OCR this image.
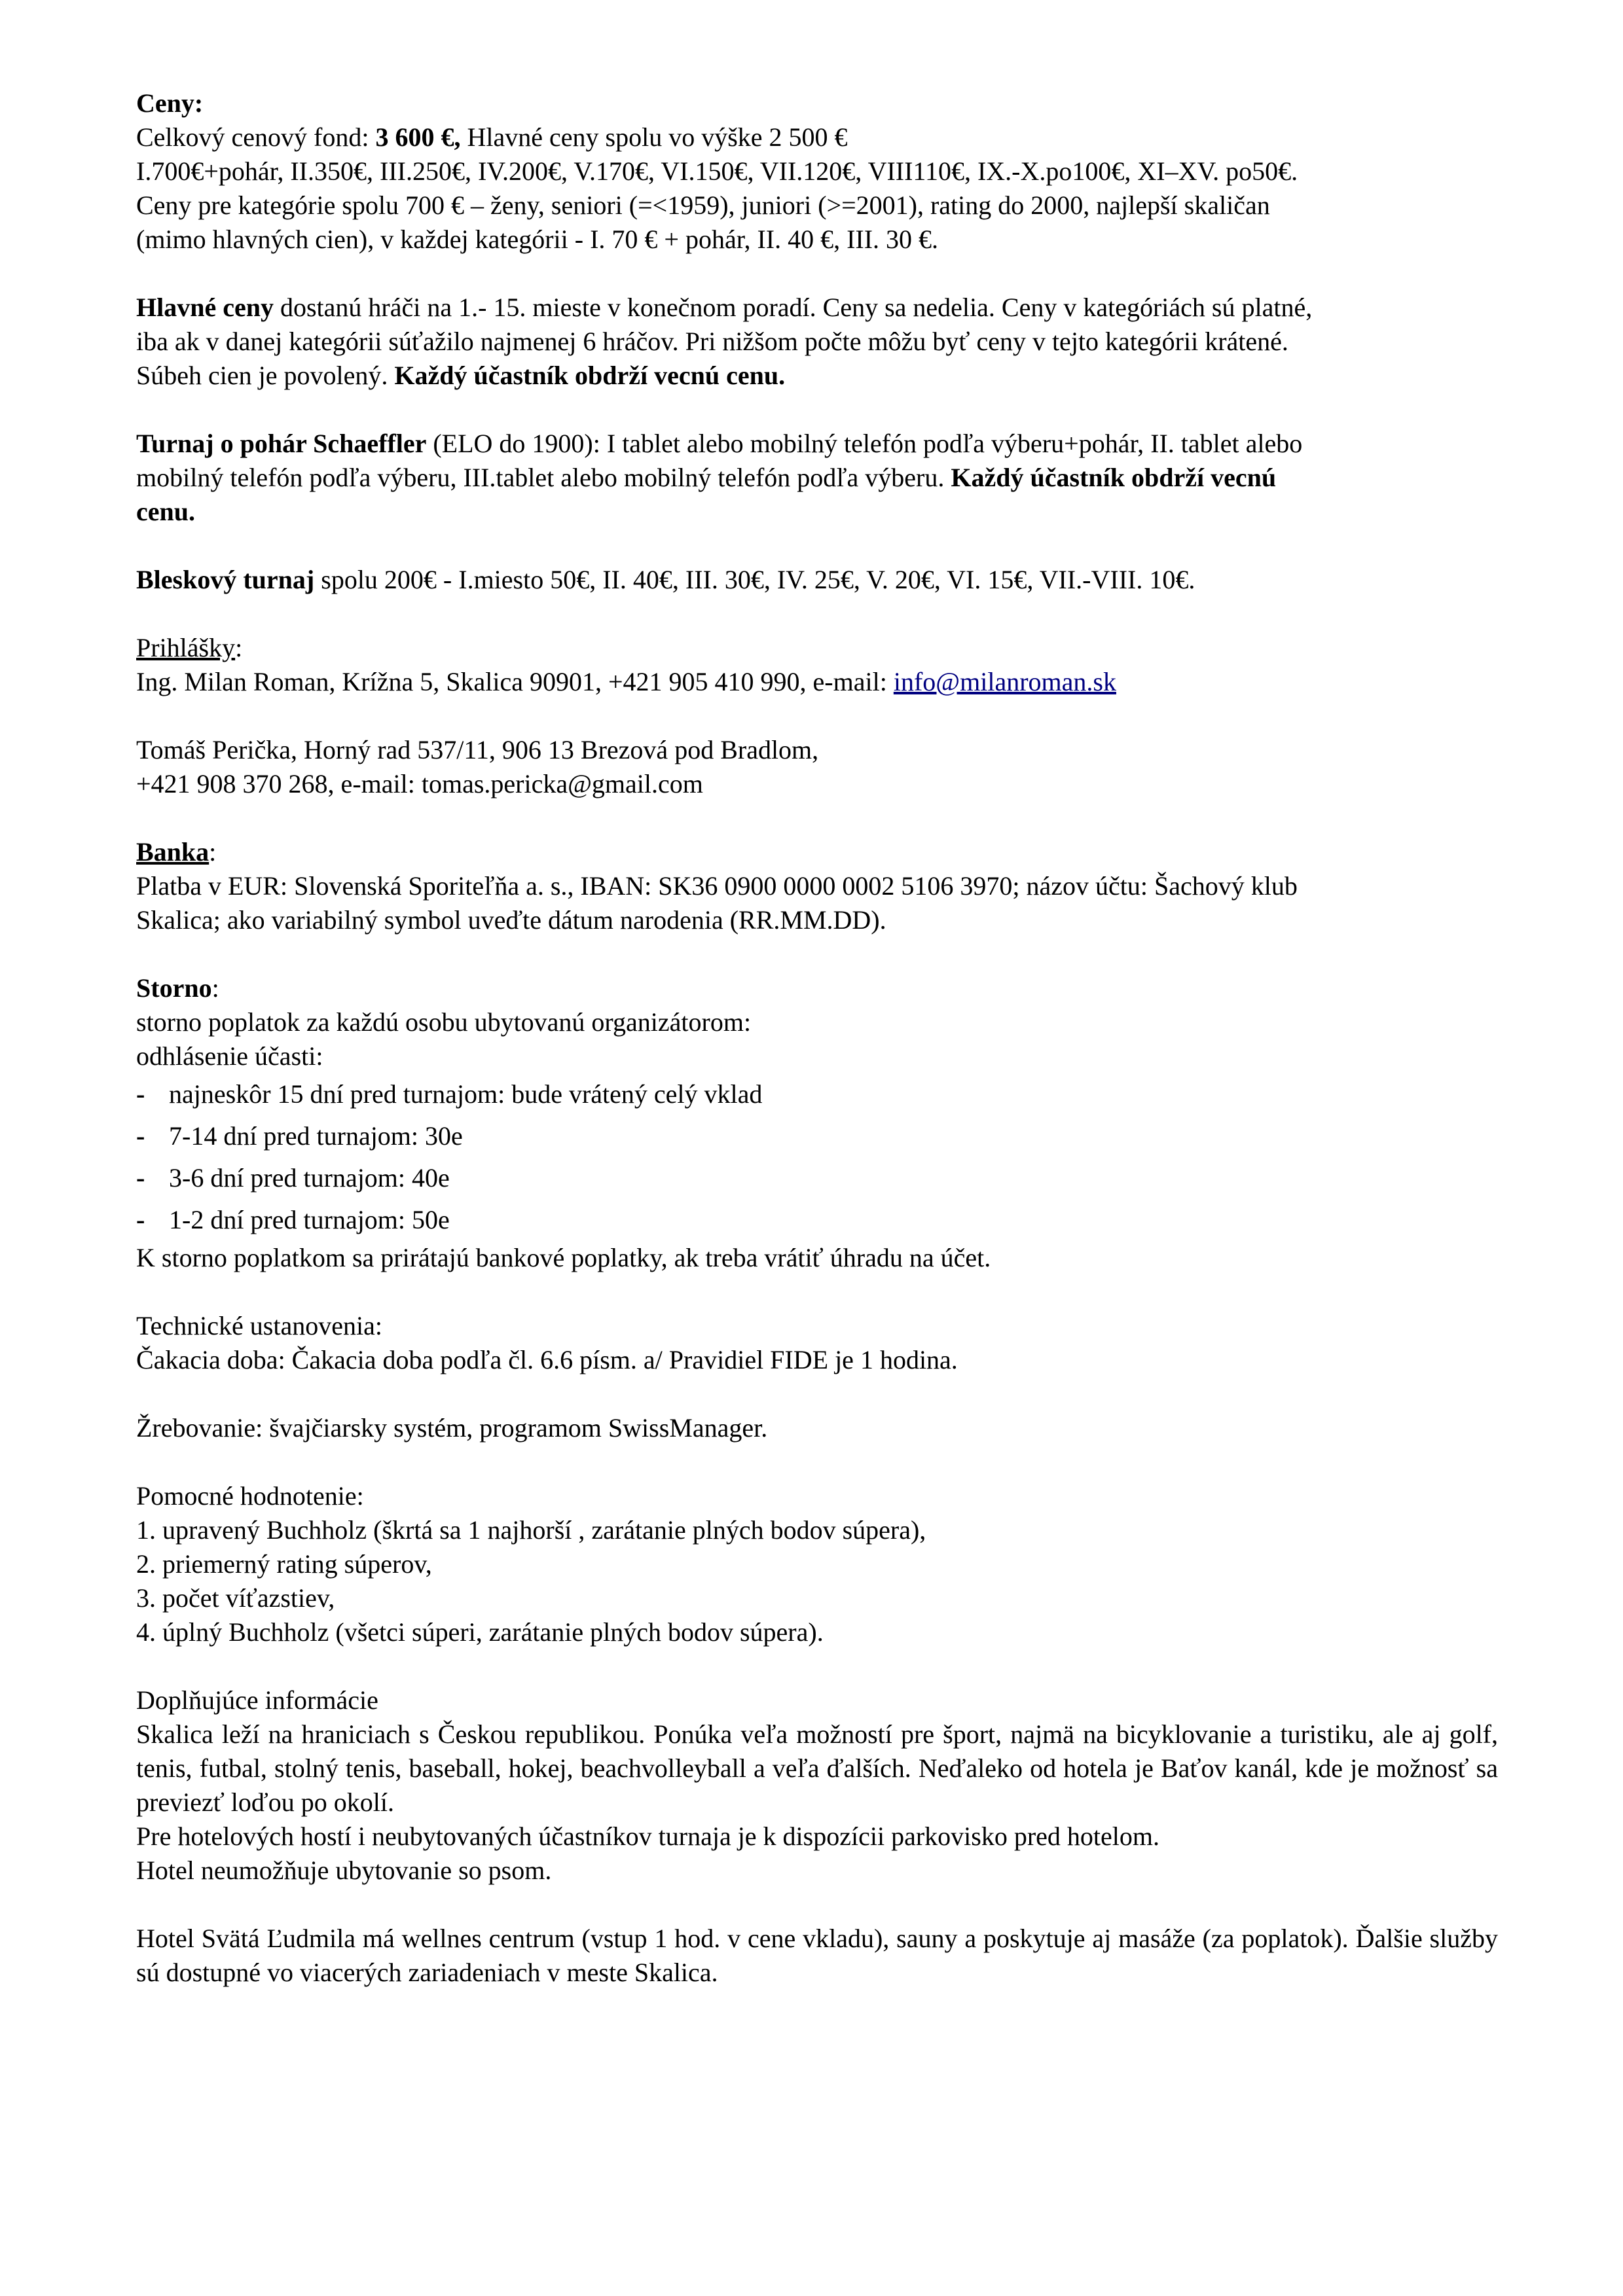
Ceny:

Celkový cenový fond: 3 600 €, Hlavné ceny spolu vo výške 2 500 €

I.700€+pohár, II.350€, III.250€, IV.200€, V.170€, VI.150€, VII.120€, VIII110€, IX.-X.po100€, XI–XV. po50€.

Ceny pre kategórie spolu 700 € – ženy, seniori (=<1959), juniori (>=2001), rating do 2000, najlepší skaličan

(mimo hlavných cien), v každej kategórii - I. 70 € + pohár, II. 40 €, III. 30 €.

Hlavné ceny dostanú hráči na 1.- 15. mieste v konečnom poradí. Ceny sa nedelia. Ceny v kategóriách sú platné,

iba ak v danej kategórii súťažilo najmenej 6 hráčov. Pri nižšom počte môžu byť ceny v tejto kategórii krátené.

Súbeh cien je povolený. Každý účastník obdrží vecnú cenu.

Turnaj o pohár Schaeffler (ELO do 1900): I tablet alebo mobilný telefón podľa výberu+pohár, II. tablet alebo

mobilný telefón podľa výberu, III.tablet alebo mobilný telefón podľa výberu. Každý účastník obdrží vecnú

cenu.

Bleskový turnaj spolu 200€ - I.miesto 50€, II. 40€, III. 30€, IV. 25€, V. 20€, VI. 15€, VII.-VIII. 10€.

Prihlášky:

Ing. Milan Roman, Krížna 5, Skalica 90901, +421 905 410 990, e-mail: info@milanroman.sk

Tomáš Perička, Horný rad 537/11, 906 13 Brezová pod Bradlom,

+421 908 370 268, e-mail: tomas.pericka@gmail.com

Banka:

Platba v EUR: Slovenská Sporiteľňa a. s., IBAN: SK36 0900 0000 0002 5106 3970; názov účtu: Šachový klub

Skalica; ako variabilný symbol uveďte dátum narodenia (RR.MM.DD).

Storno:

storno poplatok za každú osobu ubytovanú organizátorom:

odhlásenie účasti:

- najneskôr 15 dní pred turnajom: bude vrátený celý vklad
- 7-14 dní pred turnajom: 30e
- 3-6 dní pred turnajom: 40e
- 1-2 dní pred turnajom: 50e

K storno poplatkom sa prirátajú bankové poplatky, ak treba vrátiť úhradu na účet.

Technické ustanovenia:

Čakacia doba: Čakacia doba podľa čl. 6.6 písm. a/ Pravidiel FIDE je 1 hodina.

Žrebovanie: švajčiarsky systém, programom SwissManager.

Pomocné hodnotenie:

1. upravený Buchholz (škrtá sa 1 najhorší , zarátanie plných bodov súpera),

2. priemerný rating súperov,

3. počet víťazstiev,

4. úplný Buchholz (všetci súperi, zarátanie plných bodov súpera).

Doplňujúce informácie

Skalica leží na hraniciach s Českou republikou. Ponúka veľa možností pre šport, najmä na bicyklovanie a turistiku, ale aj golf, tenis, futbal, stolný tenis, baseball, hokej, beachvolleyball a veľa ďalších. Neďaleko od hotela je Baťov kanál, kde je možnosť sa previezť loďou po okolí.

Pre hotelových hostí i neubytovaných účastníkov turnaja je k dispozícii parkovisko pred hotelom.

Hotel neumožňuje ubytovanie so psom.

Hotel Svätá Ľudmila má wellnes centrum (vstup 1 hod. v cene vkladu), sauny a poskytuje aj masáže (za poplatok). Ďalšie služby sú dostupné vo viacerých zariadeniach v meste Skalica.
